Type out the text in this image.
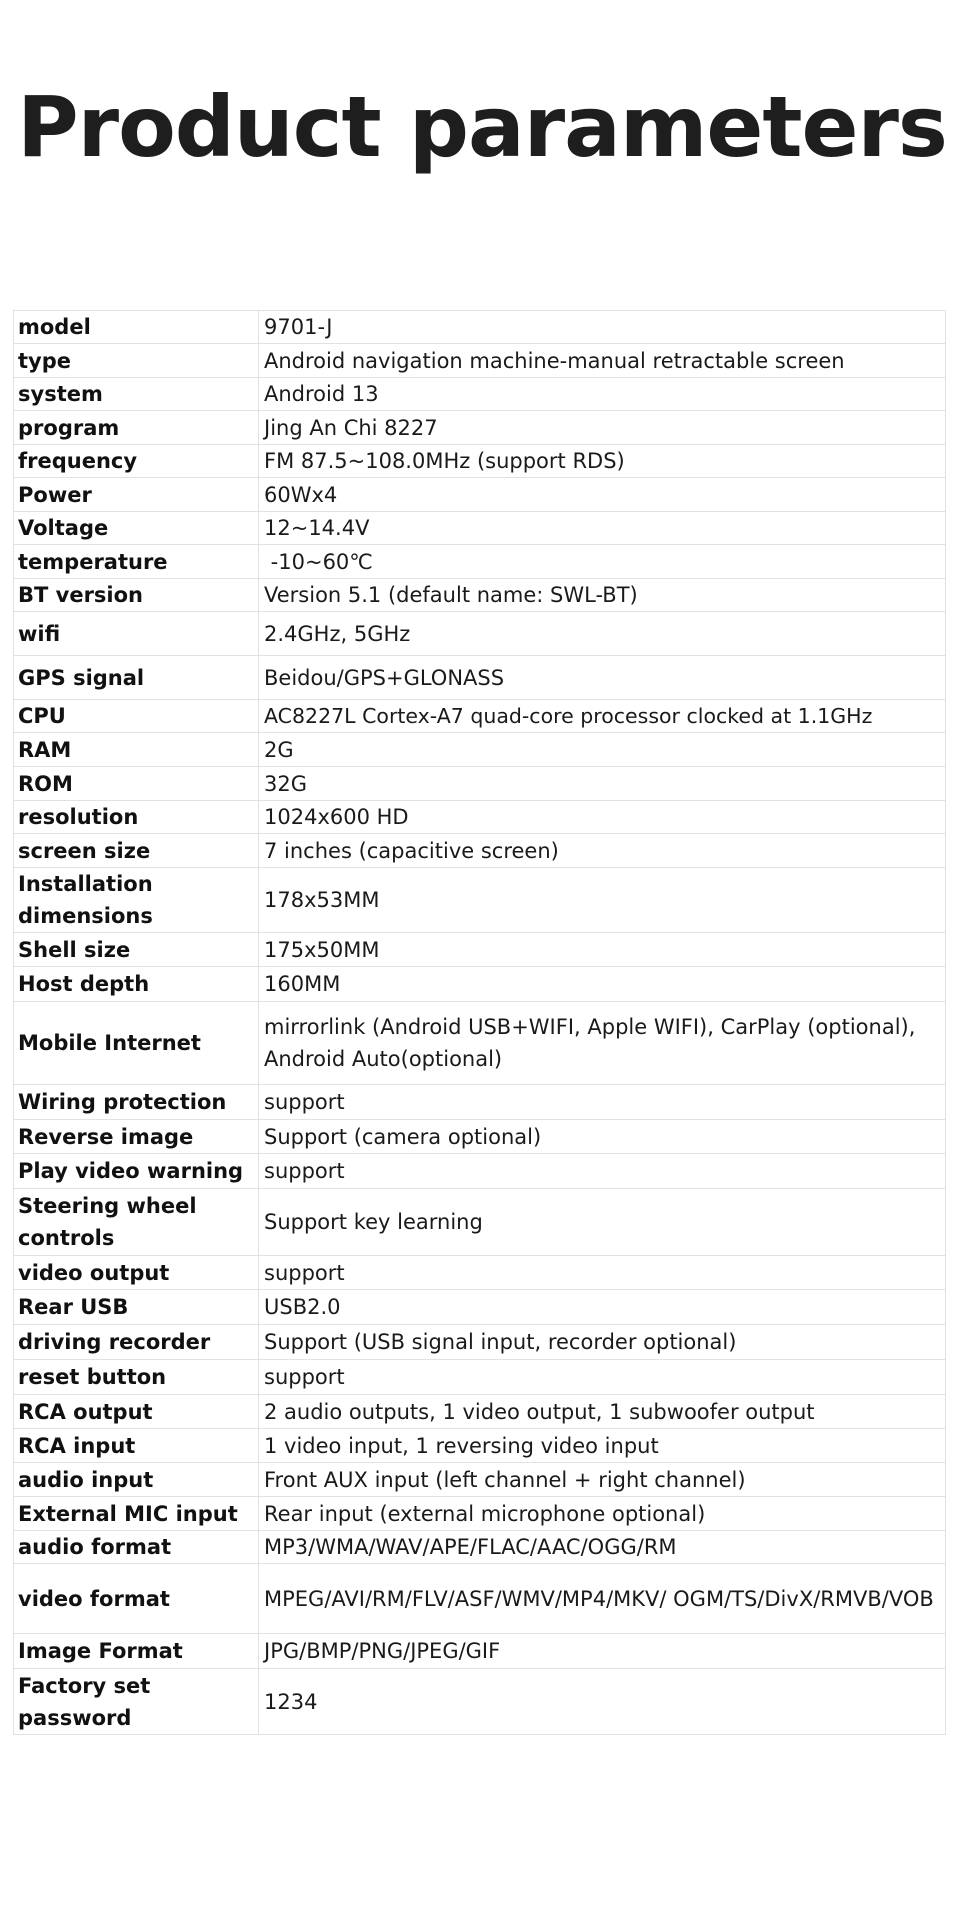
Product parameters
model	9701-J
type	Android navigation machine-manual retractable screen
system	Android 13
program	Jing An Chi 8227
frequency	FM 87.5~108.0MHz (support RDS)
Power	60Wx4
Voltage	12~14.4V
temperature	-10~60℃
BT version	Version 5.1 (default name: SWL-BT)
wifi	2.4GHz, 5GHz
GPS signal	Beidou/GPS+GLONASS
CPU	AC8227L Cortex-A7 quad-core processor clocked at 1.1GHz
RAM	2G
ROM	32G
resolution	1024x600 HD
screen size	7 inches (capacitive screen)
Installation dimensions	178x53MM
Shell size	175x50MM
Host depth	160MM
Mobile Internet	mirrorlink (Android USB+WIFI, Apple WIFI), CarPlay (optional), Android Auto(optional)
Wiring protection	support
Reverse image	Support (camera optional)
Play video warning	support
Steering wheel controls	Support key learning
video output	support
Rear USB	USB2.0
driving recorder	Support (USB signal input, recorder optional)
reset button	support
RCA output	2 audio outputs, 1 video output, 1 subwoofer output
RCA input	1 video input, 1 reversing video input
audio input	Front AUX input (left channel + right channel)
External MIC input	Rear input (external microphone optional)
audio format	MP3/WMA/WAV/APE/FLAC/AAC/OGG/RM
video format	MPEG/AVI/RM/FLV/ASF/WMV/MP4/MKV/ OGM/TS/DivX/RMVB/VOB
Image Format	JPG/BMP/PNG/JPEG/GIF
Factory set password	1234
